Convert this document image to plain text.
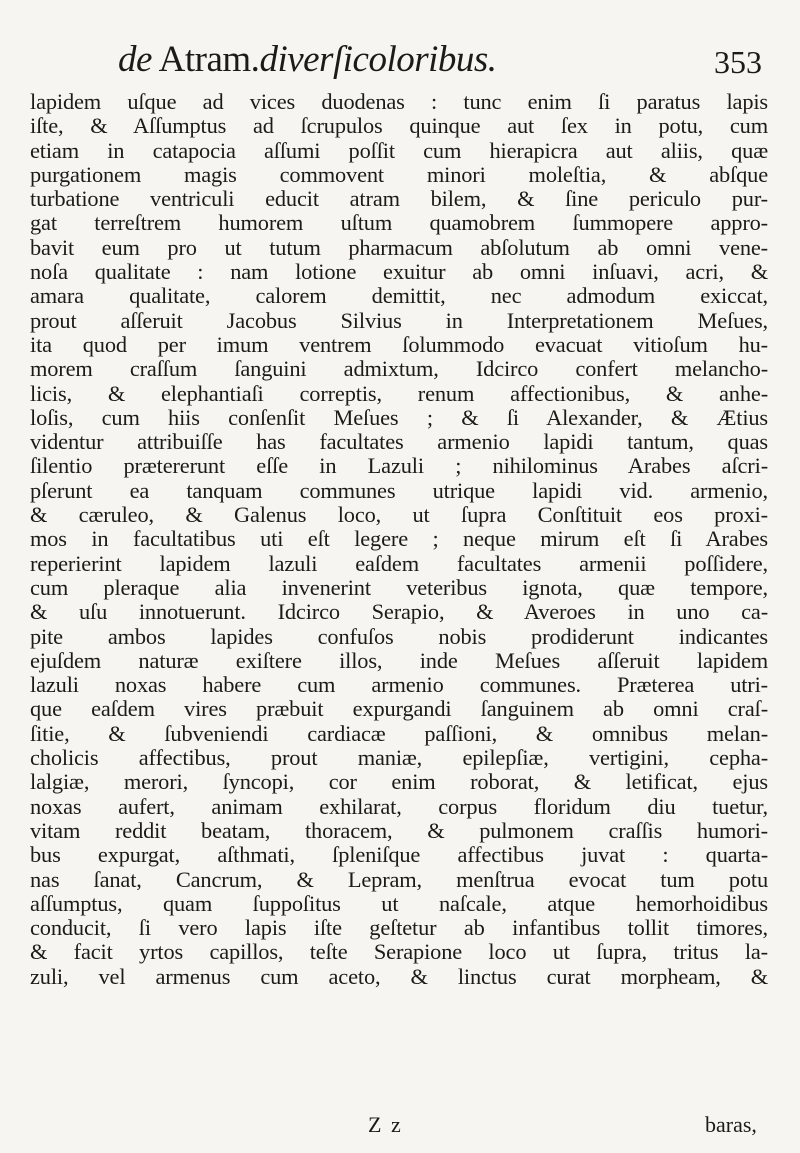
de Atram.diverſicoloribus.	353
lapidem uſque ad vices duodenas : tunc enim ſi paratus lapis
iſte, & Aſſumptus ad ſcrupulos quinque aut ſex in potu, cum
etiam in catapocia aſſumi poſſit cum hierapicra aut aliis, quæ
purgationem magis commovent minori moleſtia, & abſque
turbatione ventriculi educit atram bilem, & ſine periculo pur-
gat terreſtrem humorem uſtum quamobrem ſummopere appro-
bavit eum pro ut tutum pharmacum abſolutum ab omni vene-
noſa qualitate : nam lotione exuitur ab omni inſuavi, acri, &
amara qualitate, calorem demittit, nec admodum exiccat,
prout aſſeruit Jacobus Silvius in Interpretationem Meſues,
ita quod per imum ventrem ſolummodo evacuat vitioſum hu-
morem craſſum ſanguini admixtum, Idcirco confert melancho-
licis, & elephantiaſi correptis, renum affectionibus, & anhe-
loſis, cum hiis conſenſit Meſues ; & ſi Alexander, & Ætius
videntur attribuiſſe has facultates armenio lapidi tantum, quas
ſilentio prætererunt eſſe in Lazuli ; nihilominus Arabes aſcri-
pſerunt ea tanquam communes utrique lapidi vid. armenio,
& cæruleo, & Galenus loco, ut ſupra Conſtituit eos proxi-
mos in facultatibus uti eſt legere ; neque mirum eſt ſi Arabes
reperierint lapidem lazuli eaſdem facultates armenii poſſidere,
cum pleraque alia invenerint veteribus ignota, quæ tempore,
& uſu innotuerunt. Idcirco Serapio, & Averoes in uno ca-
pite ambos lapides confuſos nobis prodiderunt indicantes
ejuſdem naturæ exiſtere illos, inde Meſues aſſeruit lapidem
lazuli noxas habere cum armenio communes. Præterea utri-
que eaſdem vires præbuit expurgandi ſanguinem ab omni craſ-
ſitie, & ſubveniendi cardiacæ paſſioni, & omnibus melan-
cholicis affectibus, prout maniæ, epilepſiæ, vertigini, cepha-
lalgiæ, merori, ſyncopi, cor enim roborat, & letificat, ejus
noxas aufert, animam exhilarat, corpus floridum diu tuetur,
vitam reddit beatam, thoracem, & pulmonem craſſis humori-
bus expurgat, aſthmati, ſpleniſque affectibus juvat : quarta-
nas ſanat, Cancrum, & Lepram, menſtrua evocat tum potu
aſſumptus, quam ſuppoſitus ut naſcale, atque hemorhoidibus
conducit, ſi vero lapis iſte geſtetur ab infantibus tollit timores,
& facit yrtos capillos, teſte Serapione loco ut ſupra, tritus la-
zuli, vel armenus cum aceto, & linctus curat morpheam, &
Z z	baras,
